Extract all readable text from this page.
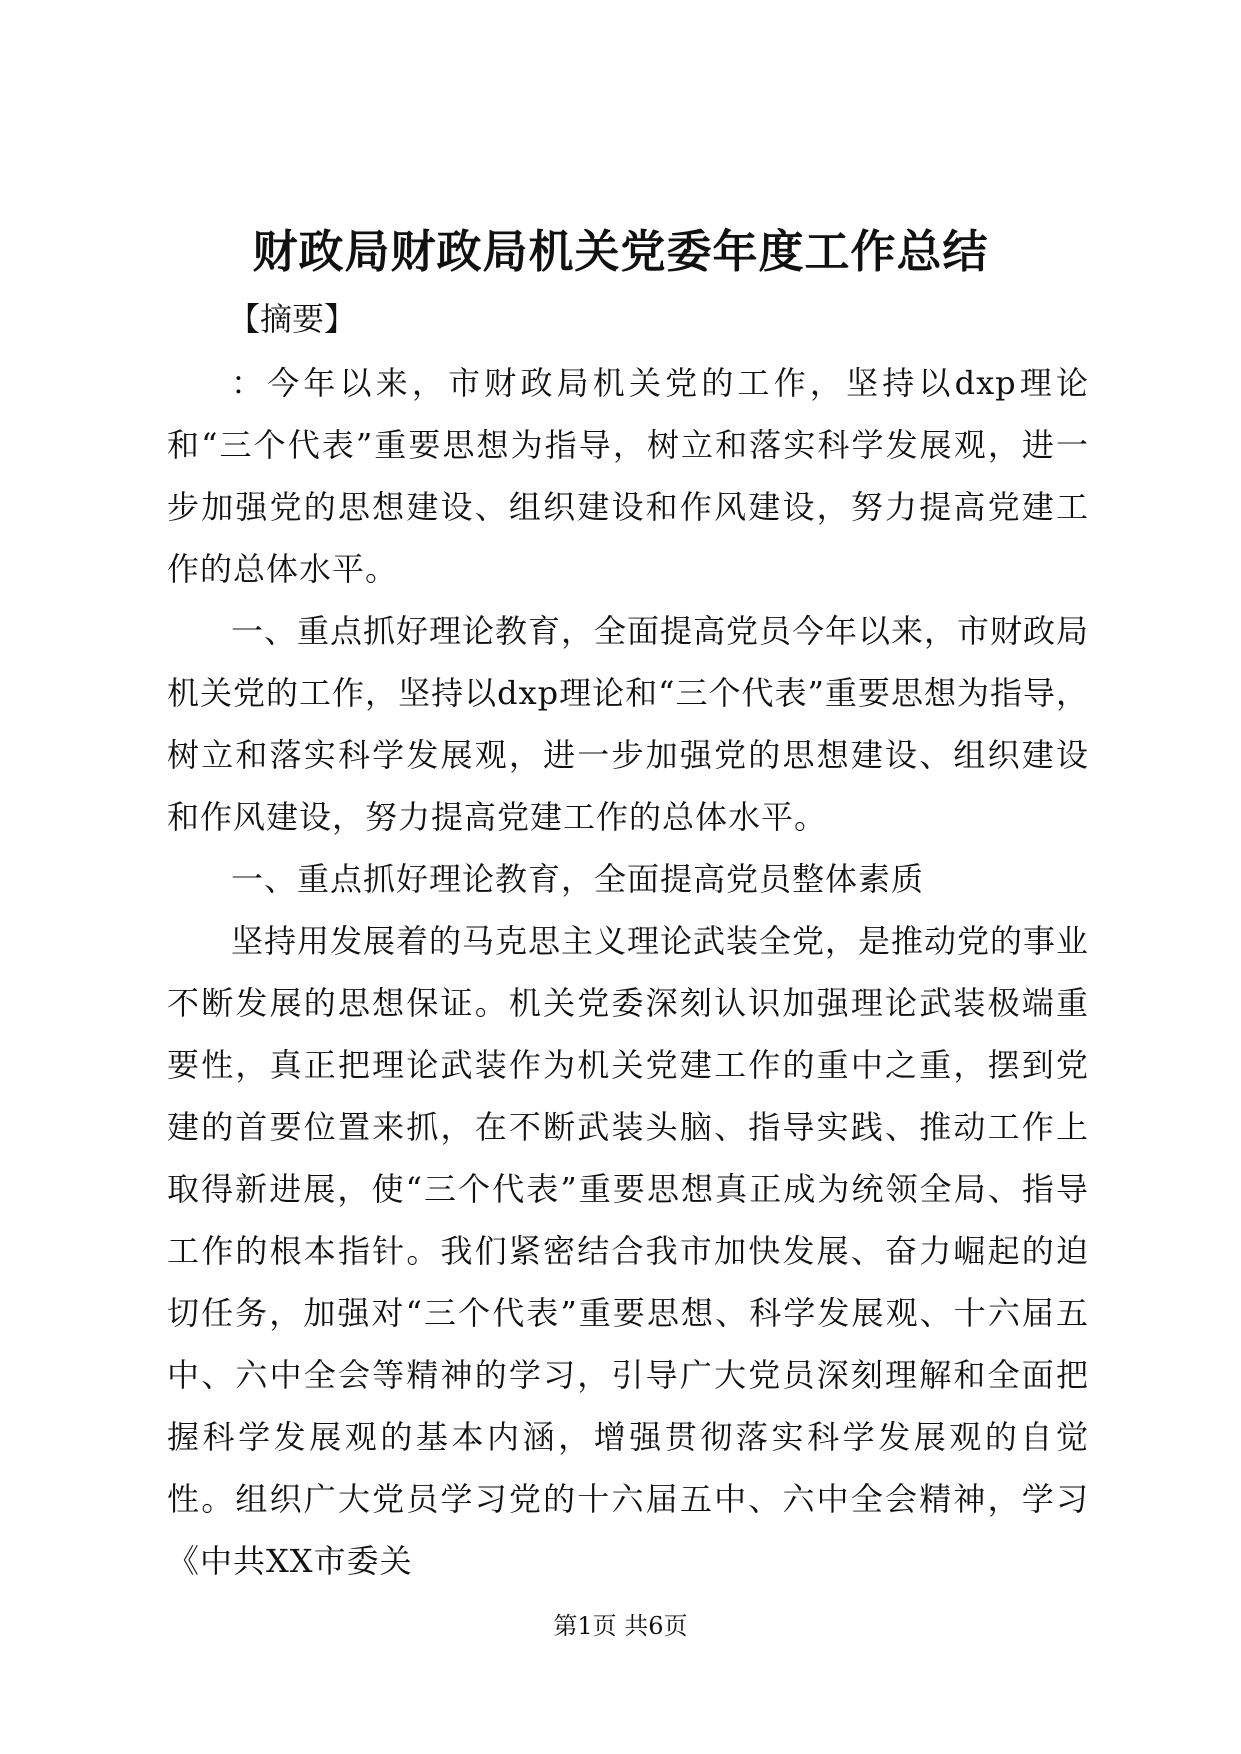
财政局财政局机关党委年度工作总结
【摘要】

：今年以来，市财政局机关党的工作，坚持以dxp理论和“三个代表”重要思想为指导，树立和落实科学发展观，进一步加强党的思想建设、组织建设和作风建设，努力提高党建工作的总体水平。

一、重点抓好理论教育，全面提高党员今年以来，市财政局机关党的工作，坚持以dxp理论和“三个代表”重要思想为指导，树立和落实科学发展观，进一步加强党的思想建设、组织建设和作风建设，努力提高党建工作的总体水平。

一、重点抓好理论教育，全面提高党员整体素质

坚持用发展着的马克思主义理论武装全党，是推动党的事业不断发展的思想保证。机关党委深刻认识加强理论武装极端重要性，真正把理论武装作为机关党建工作的重中之重，摆到党建的首要位置来抓，在不断武装头脑、指导实践、推动工作上取得新进展，使“三个代表”重要思想真正成为统领全局、指导工作的根本指针。我们紧密结合我市加快发展、奋力崛起的迫切任务，加强对“三个代表”重要思想、科学发展观、十六届五中、六中全会等精神的学习，引导广大党员深刻理解和全面把握科学发展观的基本内涵，增强贯彻落实科学发展观的自觉性。组织广大党员学习党的十六届五中、六中全会精神，学习《中共XX市委关

第1页 共6页
